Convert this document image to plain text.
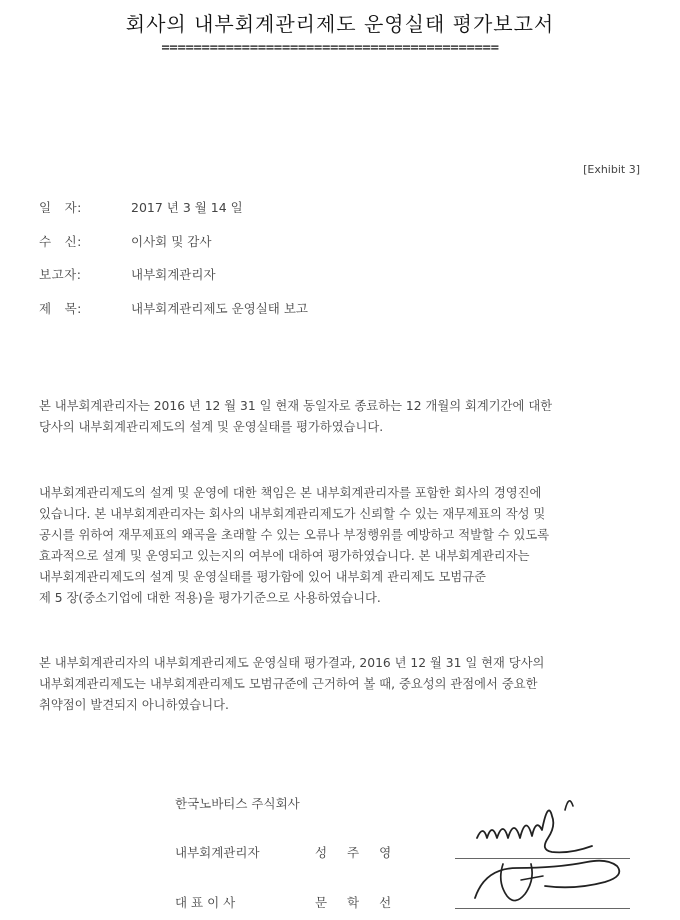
회사의 내부회계관리제도 운영실태 평가보고서
==========================================
[Exhibit 3]
일　자:	2017 년 3 월 14 일
수　신:	이사회 및 감사
보고자:	내부회계관리자
제　목:	내부회계관리제도 운영실태 보고
본 내부회계관리자는 2016 년 12 월 31 일 현재 동일자로 종료하는 12 개월의 회계기간에 대한
당사의 내부회계관리제도의 설계 및 운영실태를 평가하였습니다.
내부회계관리제도의 설계 및 운영에 대한 책임은 본 내부회계관리자를 포함한 회사의 경영진에
있습니다. 본 내부회계관리자는 회사의 내부회계관리제도가 신뢰할 수 있는 재무제표의 작성 및
공시를 위하여 재무제표의 왜곡을 초래할 수 있는 오류나 부정행위를 예방하고 적발할 수 있도록
효과적으로 설계 및 운영되고 있는지의 여부에 대하여 평가하였습니다. 본 내부회계관리자는
내부회계관리제도의 설계 및 운영실태를 평가함에 있어 내부회계 관리제도 모범규준
제 5 장(중소기업에 대한 적용)을 평가기준으로 사용하였습니다.
본 내부회계관리자의 내부회계관리제도 운영실태 평가결과, 2016 년 12 월 31 일 현재 당사의
내부회계관리제도는 내부회계관리제도 모범규준에 근거하여 볼 때, 중요성의 관점에서 중요한
취약점이 발견되지 아니하였습니다.
한국노바티스 주식회사
내부회계관리자	성 주 영
대 표 이 사	문 학 선
